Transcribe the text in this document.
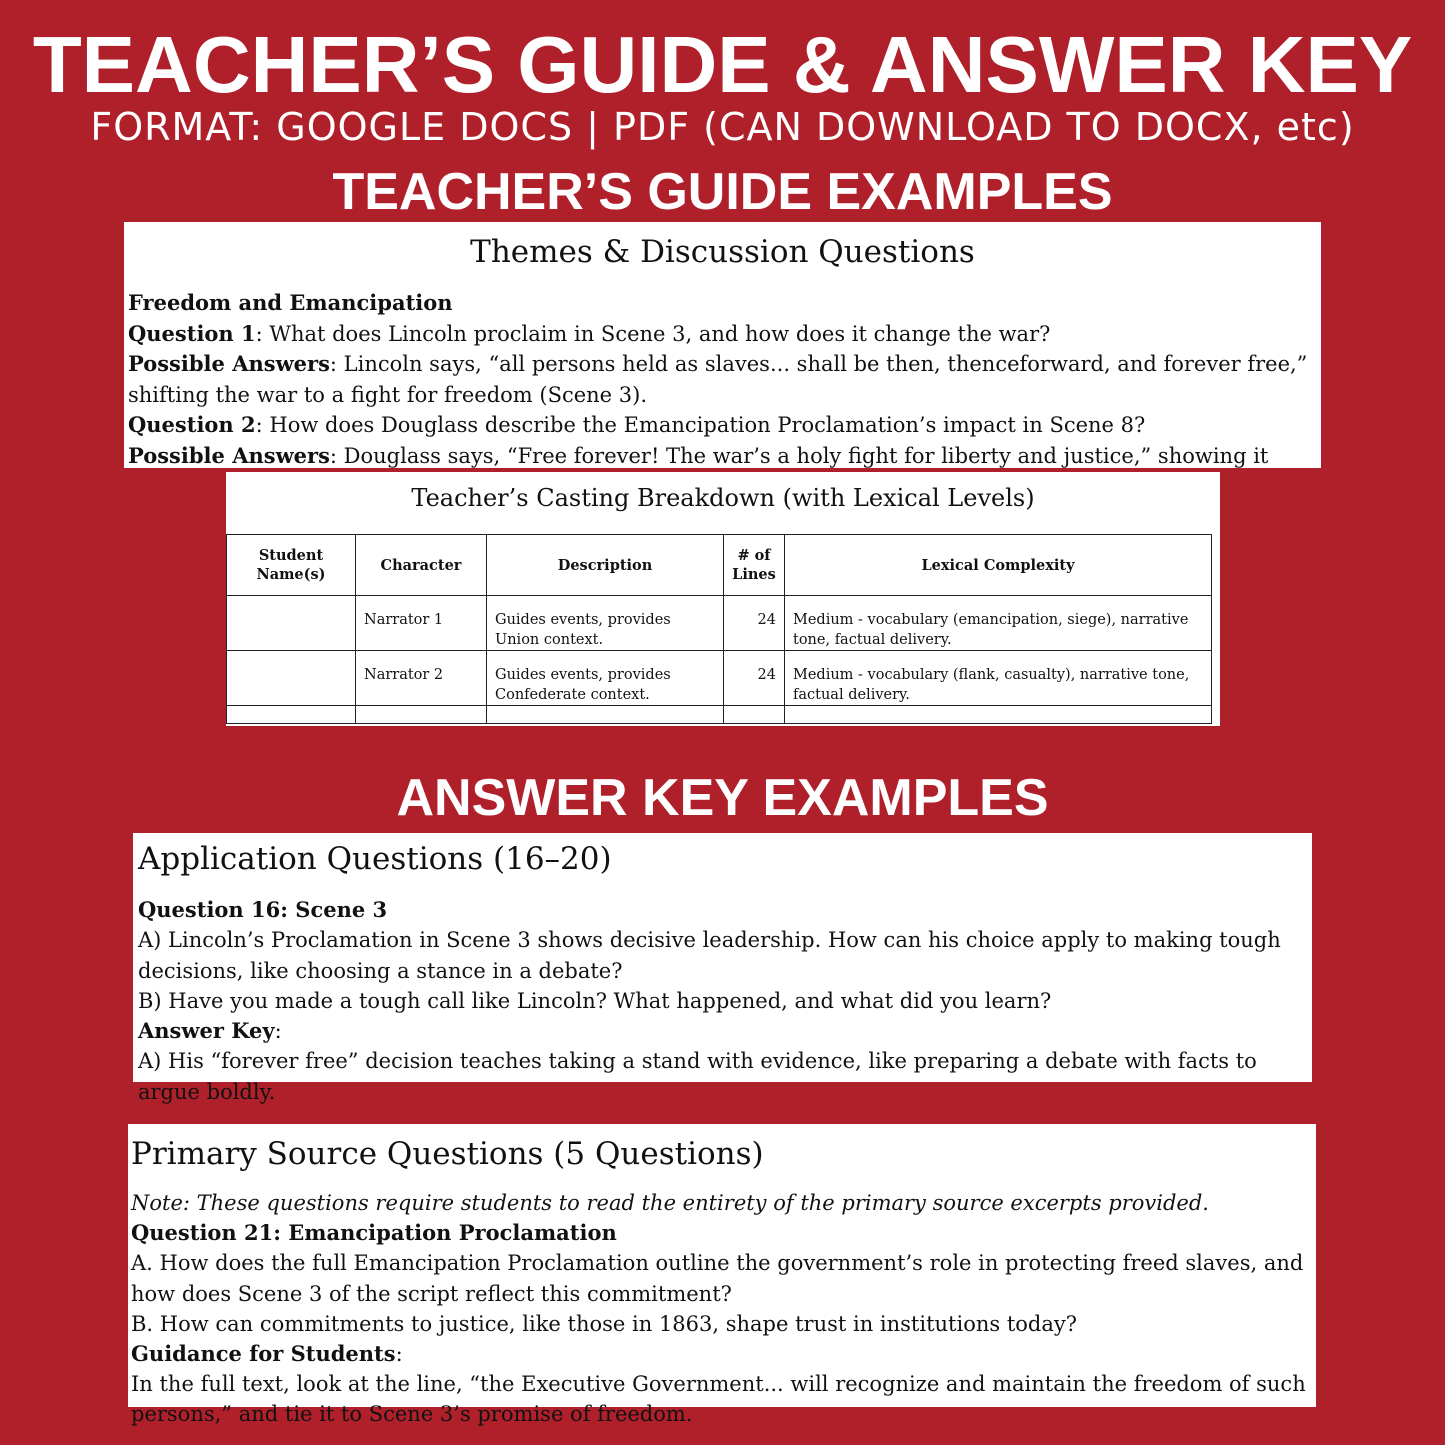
TEACHER’S GUIDE & ANSWER KEY
FORMAT: GOOGLE DOCS | PDF (CAN DOWNLOAD TO DOCX, etc)
TEACHER’S GUIDE EXAMPLES

Themes & Discussion Questions

Freedom and Emancipation

Question 1: What does Lincoln proclaim in Scene 3, and how does it change the war?

Possible Answers: Lincoln says, “all persons held as slaves... shall be then, thenceforward, and forever free,” shifting the war to a fight for freedom (Scene 3).

Question 2: How does Douglass describe the Emancipation Proclamation’s impact in Scene 8?

Possible Answers: Douglass says, “Free forever! The war’s a holy fight for liberty and justice,” showing it

Teacher’s Casting Breakdown (with Lexical Levels)

Student Name(s)	Character	Description	# of Lines	Lexical Complexity
	Narrator 1	Guides events, provides Union context.	24	Medium - vocabulary (emancipation, siege), narrative tone, factual delivery.
	Narrator 2	Guides events, provides Confederate context.	24	Medium - vocabulary (flank, casualty), narrative tone, factual delivery.

ANSWER KEY EXAMPLES

Application Questions (16–20)

Question 16: Scene 3

A) Lincoln’s Proclamation in Scene 3 shows decisive leadership. How can his choice apply to making tough decisions, like choosing a stance in a debate?

B) Have you made a tough call like Lincoln? What happened, and what did you learn?

Answer Key:

A) His “forever free” decision teaches taking a stand with evidence, like preparing a debate with facts to argue boldly.

Primary Source Questions (5 Questions)

Note: These questions require students to read the entirety of the primary source excerpts provided.

Question 21: Emancipation Proclamation

A. How does the full Emancipation Proclamation outline the government’s role in protecting freed slaves, and how does Scene 3 of the script reflect this commitment?

B. How can commitments to justice, like those in 1863, shape trust in institutions today?

Guidance for Students:

In the full text, look at the line, “the Executive Government... will recognize and maintain the freedom of such persons,” and tie it to Scene 3’s promise of freedom.
